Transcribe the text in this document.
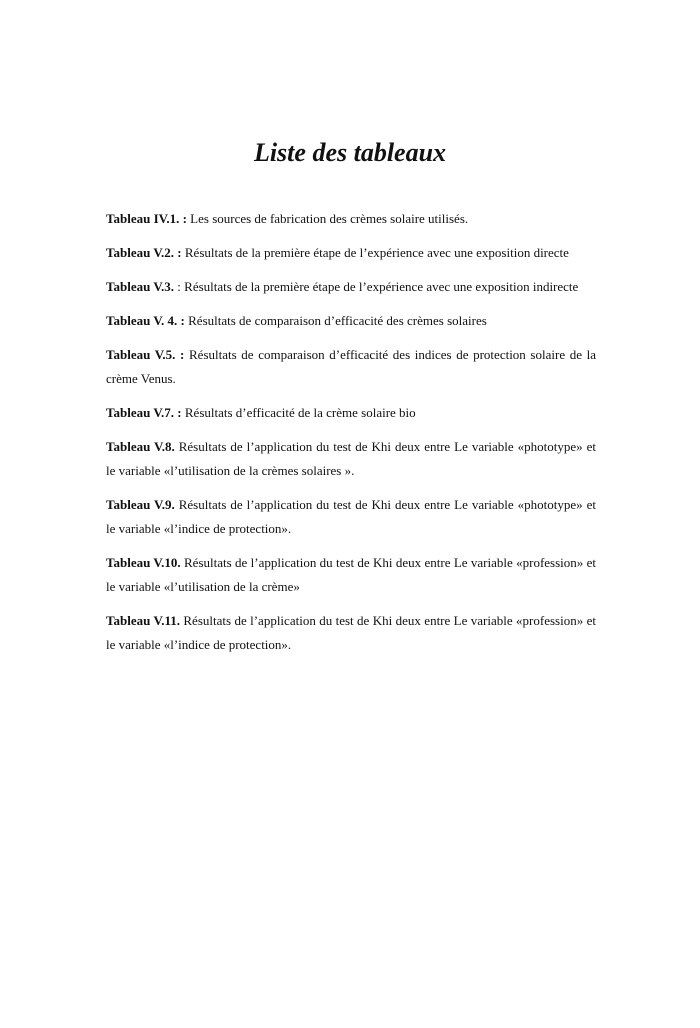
Liste des tableaux

Tableau IV.1. : Les sources de fabrication des crèmes solaire utilisés.

Tableau V.2. : Résultats de la première étape de l’expérience avec une exposition directe

Tableau V.3. : Résultats de la première étape de l’expérience avec une exposition indirecte

Tableau V. 4. : Résultats de comparaison d’efficacité des crèmes solaires

Tableau V.5. : Résultats de comparaison d’efficacité des indices de protection solaire de la crème Venus.

Tableau V.7. : Résultats d’efficacité de la crème solaire bio

Tableau V.8. Résultats de l’application du test de Khi deux entre Le variable «phototype» et le variable «l’utilisation de la crèmes solaires ».

Tableau V.9. Résultats de l’application du test de Khi deux entre Le variable «phototype» et le variable «l’indice de protection».

Tableau V.10. Résultats de l’application du test de Khi deux entre Le variable «profession» et le variable «l’utilisation de la crème»

Tableau V.11. Résultats de l’application du test de Khi deux entre Le variable «profession» et le variable «l’indice de protection».
